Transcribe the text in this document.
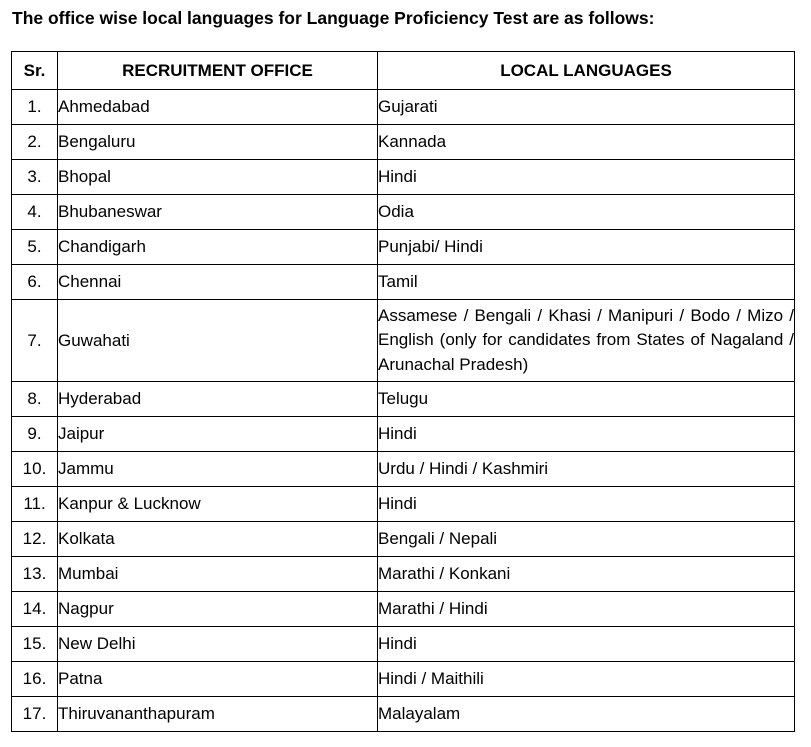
The office wise local languages for Language Proficiency Test are as follows:
Sr.	RECRUITMENT OFFICE	LOCAL LANGUAGES
1.	Ahmedabad	Gujarati
2.	Bengaluru	Kannada
3.	Bhopal	Hindi
4.	Bhubaneswar	Odia
5.	Chandigarh	Punjabi/ Hindi
6.	Chennai	Tamil
7.	Guwahati	Assamese / Bengali / Khasi / Manipuri / Bodo / Mizo / English (only for candidates from States of Nagaland / Arunachal Pradesh)
8.	Hyderabad	Telugu
9.	Jaipur	Hindi
10.	Jammu	Urdu / Hindi / Kashmiri
11.	Kanpur & Lucknow	Hindi
12.	Kolkata	Bengali / Nepali
13.	Mumbai	Marathi / Konkani
14.	Nagpur	Marathi / Hindi
15.	New Delhi	Hindi
16.	Patna	Hindi / Maithili
17.	Thiruvananthapuram	Malayalam
